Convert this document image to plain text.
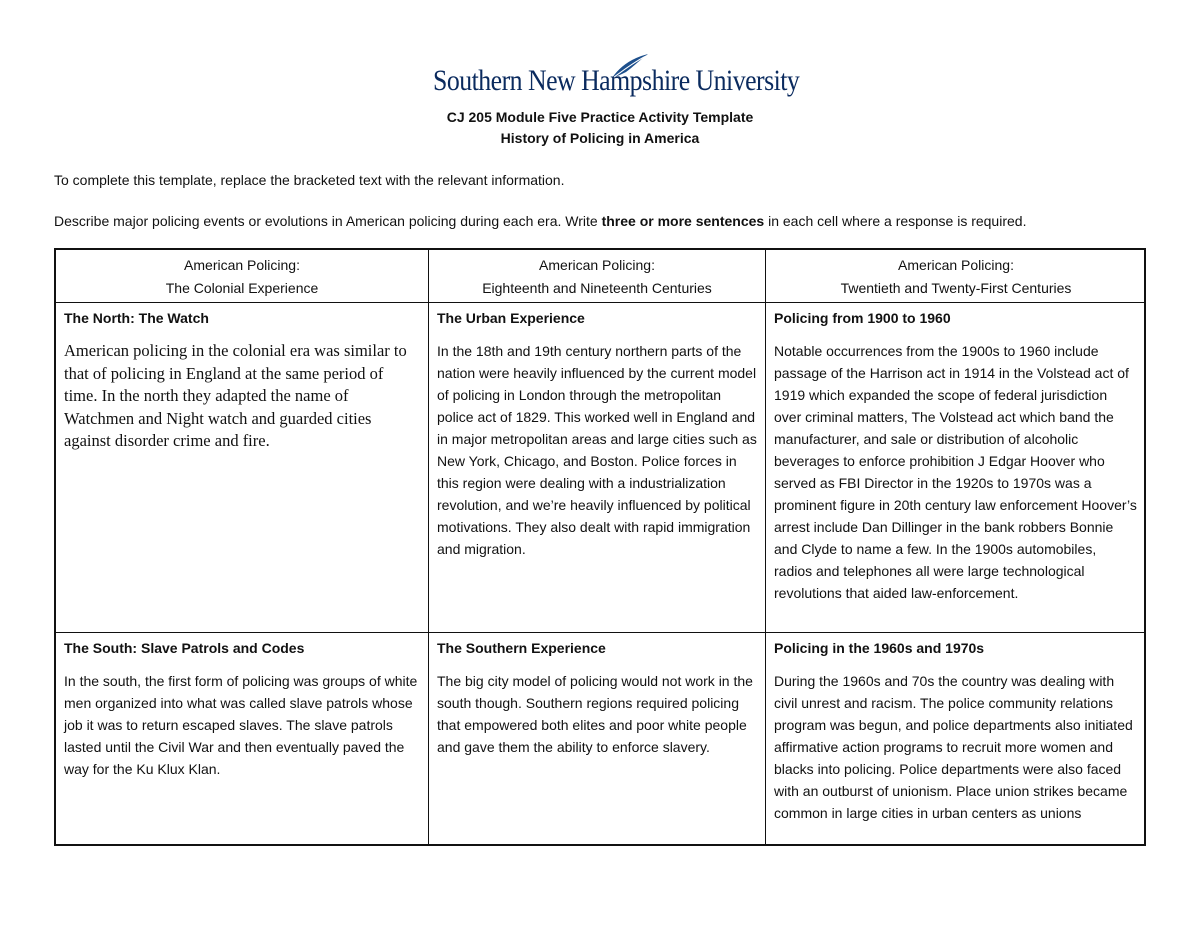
Southern New Hampshire University
CJ 205 Module Five Practice Activity Template
History of Policing in America
To complete this template, replace the bracketed text with the relevant information.
Describe major policing events or evolutions in American policing during each era. Write three or more sentences in each cell where a response is required.
American Policing:
The Colonial Experience
American Policing:
Eighteenth and Nineteenth Centuries
American Policing:
Twentieth and Twenty-First Centuries
The North: The Watch
American policing in the colonial era was similar to that of policing in England at the same period of time. In the north they adapted the name of Watchmen and Night watch and guarded cities against disorder crime and fire.
The Urban Experience
In the 18th and 19th century northern parts of the nation were heavily influenced by the current model of policing in London through the metropolitan police act of 1829. This worked well in England and in major metropolitan areas and large cities such as New York, Chicago, and Boston. Police forces in this region were dealing with a industrialization revolution, and we’re heavily influenced by political motivations. They also dealt with rapid immigration and migration.
Policing from 1900 to 1960
Notable occurrences from the 1900s to 1960 include passage of the Harrison act in 1914 in the Volstead act of 1919 which expanded the scope of federal jurisdiction over criminal matters, The Volstead act which band the manufacturer, and sale or distribution of alcoholic beverages to enforce prohibition J Edgar Hoover who served as FBI Director in the 1920s to 1970s was a prominent figure in 20th century law enforcement Hoover’s arrest include Dan Dillinger in the bank robbers Bonnie and Clyde to name a few. In the 1900s automobiles, radios and telephones all were large technological revolutions that aided law-enforcement.
The South: Slave Patrols and Codes
In the south, the first form of policing was groups of white men organized into what was called slave patrols whose job it was to return escaped slaves. The slave patrols lasted until the Civil War and then eventually paved the way for the Ku Klux Klan.
The Southern Experience
The big city model of policing would not work in the south though. Southern regions required policing that empowered both elites and poor white people and gave them the ability to enforce slavery.
Policing in the 1960s and 1970s
During the 1960s and 70s the country was dealing with civil unrest and racism. The police community relations program was begun, and police departments also initiated affirmative action programs to recruit more women and blacks into policing. Police departments were also faced with an outburst of unionism. Place union strikes became common in large cities in urban centers as unions
